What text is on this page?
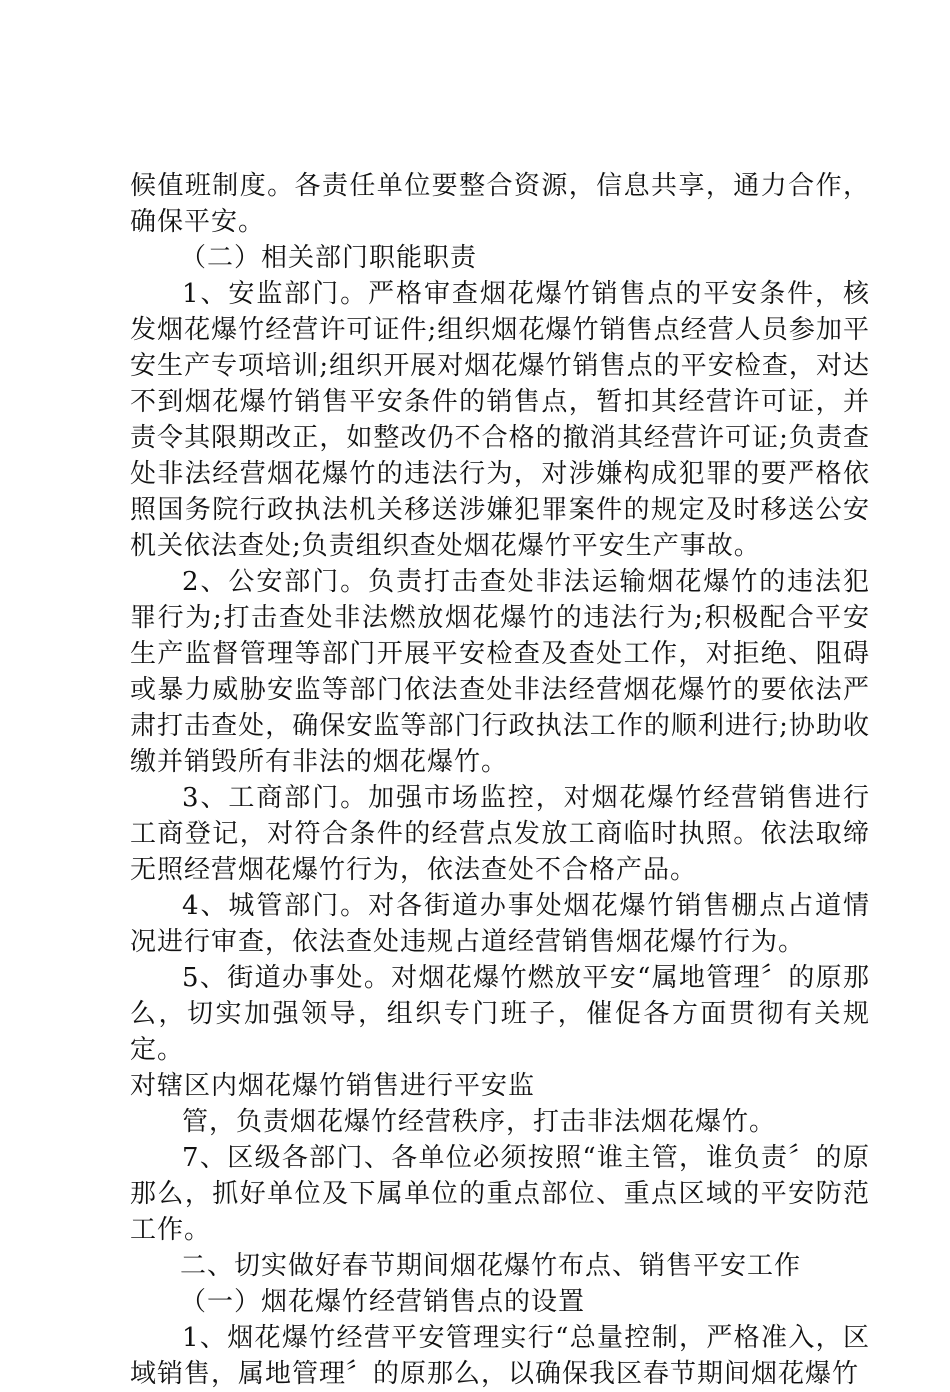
候值班制度。各责任单位要整合资源，信息共享，通力合作，确保平安。

（二）相关部门职能职责

1、安监部门。严格审查烟花爆竹销售点的平安条件，核发烟花爆竹经营许可证件;组织烟花爆竹销售点经营人员参加平安生产专项培训;组织开展对烟花爆竹销售点的平安检查，对达不到烟花爆竹销售平安条件的销售点，暂扣其经营许可证，并责令其限期改正，如整改仍不合格的撤消其经营许可证;负责查处非法经营烟花爆竹的违法行为，对涉嫌构成犯罪的要严格依照国务院行政执法机关移送涉嫌犯罪案件的规定及时移送公安机关依法查处;负责组织查处烟花爆竹平安生产事故。

2、公安部门。负责打击查处非法运输烟花爆竹的违法犯罪行为;打击查处非法燃放烟花爆竹的违法行为;积极配合平安生产监督管理等部门开展平安检查及查处工作，对拒绝、阻碍或暴力威胁安监等部门依法查处非法经营烟花爆竹的要依法严肃打击查处，确保安监等部门行政执法工作的顺利进行;协助收缴并销毁所有非法的烟花爆竹。

3、工商部门。加强市场监控，对烟花爆竹经营销售进行工商登记，对符合条件的经营点发放工商临时执照。依法取缔无照经营烟花爆竹行为，依法查处不合格产品。

4、城管部门。对各街道办事处烟花爆竹销售棚点占道情况进行审查，依法查处违规占道经营销售烟花爆竹行为。

5、街道办事处。对烟花爆竹燃放平安“属地管理〞的原那么，切实加强领导，组织专门班子，催促各方面贯彻有关规定。

对辖区内烟花爆竹销售进行平安监

管，负责烟花爆竹经营秩序，打击非法烟花爆竹。

7、区级各部门、各单位必须按照“谁主管，谁负责〞的原那么，抓好单位及下属单位的重点部位、重点区域的平安防范工作。

二、切实做好春节期间烟花爆竹布点、销售平安工作

（一）烟花爆竹经营销售点的设置

1、烟花爆竹经营平安管理实行“总量控制，严格准入，区域销售，属地管理〞的原那么，以确保我区春节期间烟花爆竹
